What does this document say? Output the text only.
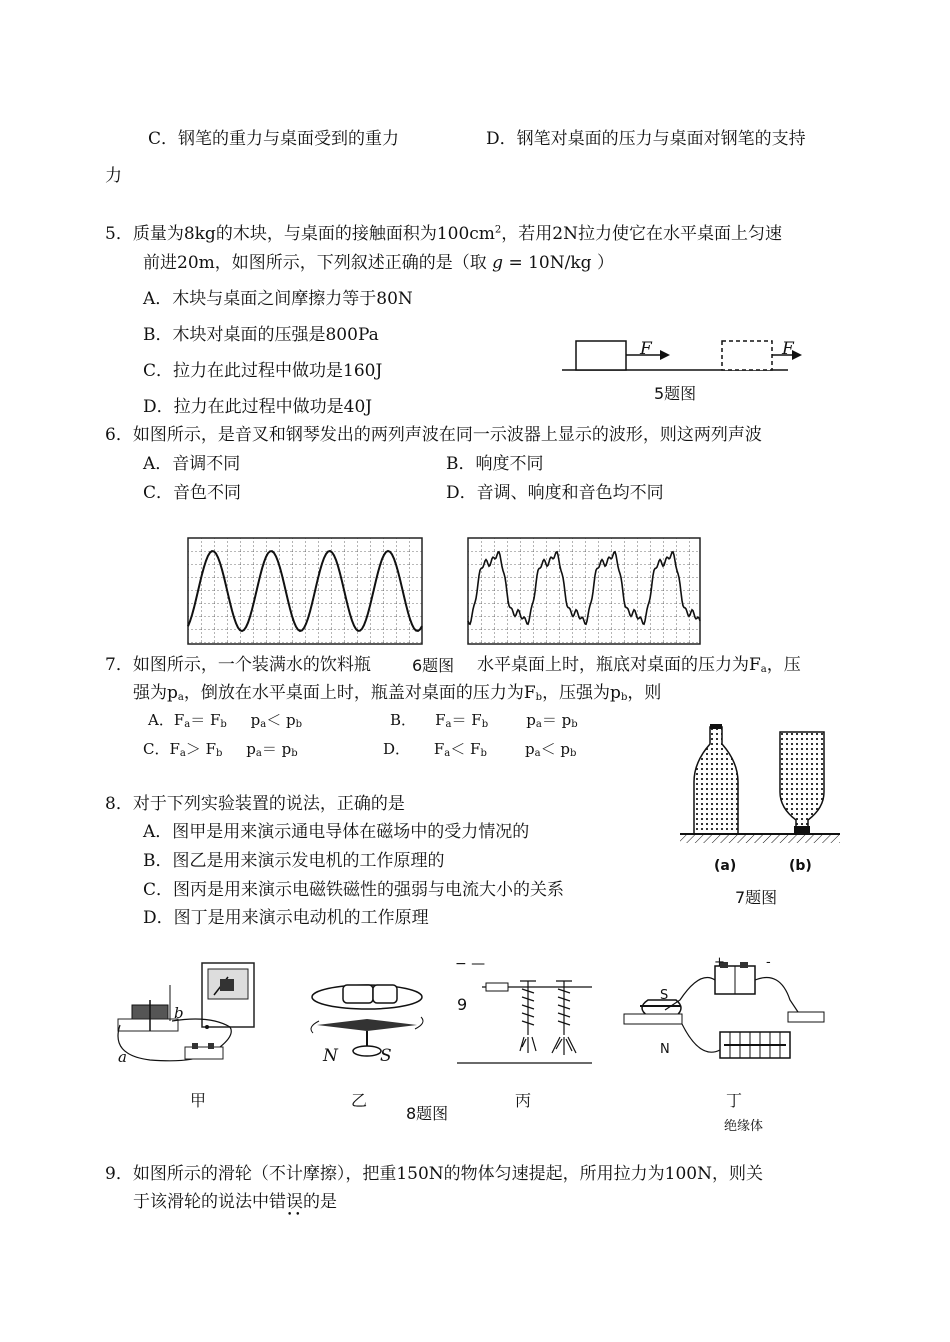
C．钢笔的重力与桌面受到的重力	D．钢笔对桌面的压力与桌面对钢笔的支持
力
5．质量为8kg的木块，与桌面的接触面积为$100cm^2$，若用2N拉力使它在水平桌面上匀速
前进20m，如图所示，下列叙述正确的是（取 g = 10N/kg ）
A．木块与桌面之间摩擦力等于80N
B．木块对桌面的压强是800Pa
C．拉力在此过程中做功是160J
D．拉力在此过程中做功是40J
F	F
5题图
6．如图所示，是音叉和钢琴发出的两列声波在同一示波器上显示的波形，则这两列声波
A．音调不同	B．响度不同
C．音色不同	D．音调、响度和音色均不同
7．如图所示，一个装满水的饮料瓶	6题图 水平桌面上时，瓶底对桌面的压力为$F_a$，压
强为$p_a$，倒放在水平桌面上时，瓶盖对桌面的压力为$F_b$，压强为$p_b$，则
A．$F_a= F_b$ $p_a< p_b$	B． $F_a= F_b$	$p_a= p_b$
C．$F_a> F_b$ $p_a= p_b$	D． $F_a< F_b$	$p_a< p_b$
(a)	(b)
7题图
8．对于下列实验装置的说法，正确的是
A．图甲是用来演示通电导体在磁场中的受力情况的
B．图乙是用来演示发电机的工作原理的
C．图丙是用来演示电磁铁磁性的强弱与电流大小的关系
D．图丁是用来演示电动机的工作原理
a
b
N S
− —
9
+	-
S
N
甲	乙	丙	丁
8题图
绝缘体
9．如图所示的滑轮（不计摩擦），把重150N的物体匀速提起，所用拉力为100N，则关
于该滑轮的说法中错误的是
• •
